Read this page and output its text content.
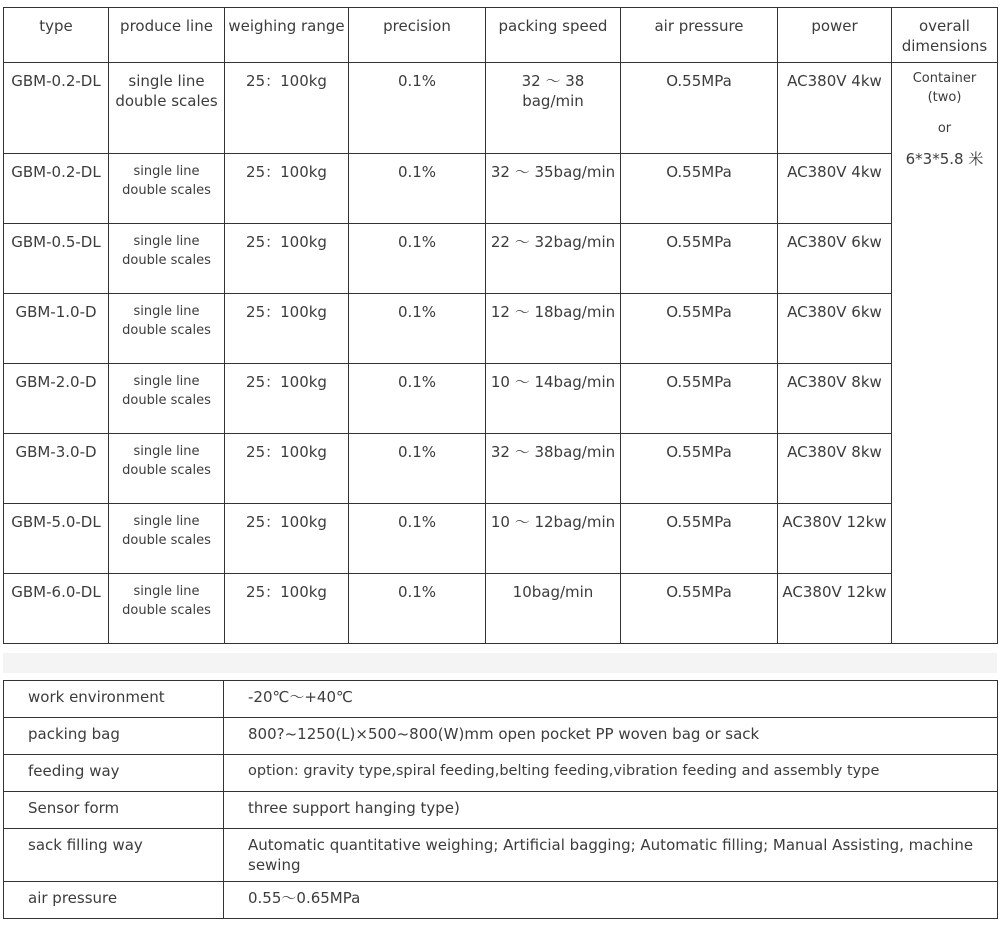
type	produce line	weighing range	precision	packing speed	air pressure	power	overall dimensions
GBM-0.2-DL	single line double scales	25：100kg	0.1%	32 ～ 38 bag/min	O.55MPa	AC380V 4kw	Container
(two)
or
6*3*5.8 米

GBM-0.2-DL	single line double scales	25：100kg	0.1%	32 ～ 35bag/min	O.55MPa	AC380V 4kw	
GBM-0.5-DL	single line double scales	25：100kg	0.1%	22 ～ 32bag/min	O.55MPa	AC380V 6kw	
GBM-1.0-D	single line double scales	25：100kg	0.1%	12 ～ 18bag/min	O.55MPa	AC380V 6kw	
GBM-2.0-D	single line double scales	25：100kg	0.1%	10 ～ 14bag/min	O.55MPa	AC380V 8kw	
GBM-3.0-D	single line double scales	25：100kg	0.1%	32 ～ 38bag/min	O.55MPa	AC380V 8kw	
GBM-5.0-DL	single line double scales	25：100kg	0.1%	10 ～ 12bag/min	O.55MPa	AC380V 12kw	
GBM-6.0-DL	single line double scales	25：100kg	0.1%	10bag/min	O.55MPa	AC380V 12kw	
work environment	-20℃～+40℃
packing bag	800?~1250(L)×500~800(W)mm open pocket PP woven bag or sack
feeding way	option: gravity type,spiral feeding,belting feeding,vibration feeding and assembly type
Sensor form	three support hanging type)
sack filling way	Automatic quantitative weighing; Artificial bagging; Automatic filling; Manual Assisting, machine sewing
air pressure	0.55～0.65MPa
